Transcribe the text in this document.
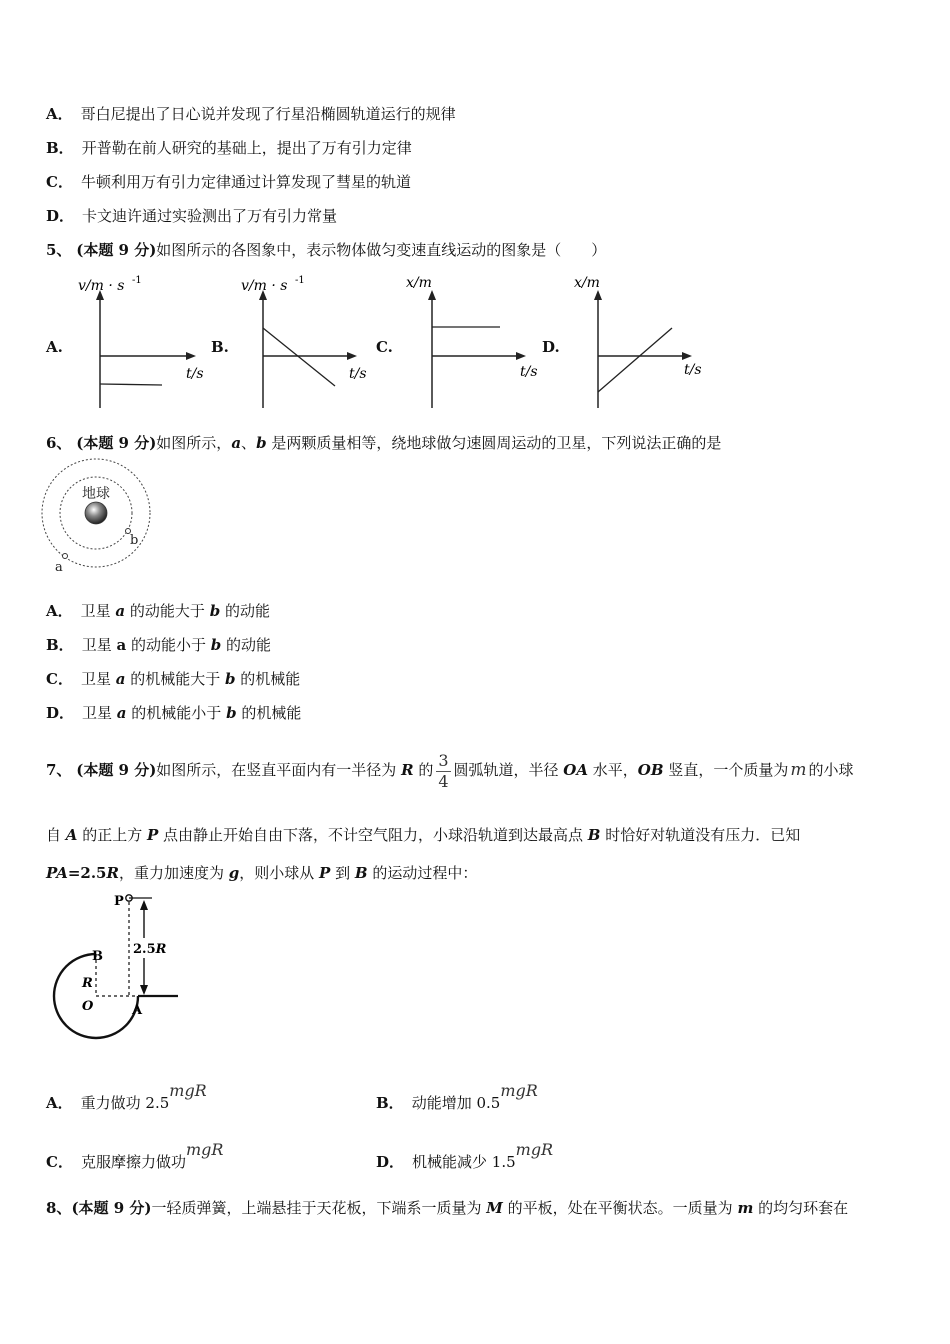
A． 哥白尼提出了日心说并发现了行星沿椭圆轨道运行的规律
B． 开普勒在前人研究的基础上，提出了万有引力定律
C． 牛顿利用万有引力定律通过计算发现了彗星的轨道
D． 卡文迪许通过实验测出了万有引力常量
5、 (本题 9 分)如图所示的各图象中，表示物体做匀变速直线运动的图象是（　　）
A.
v/m · s -1
t/s
B.
v/m · s -1
t/s
C.
x/m
t/s
D.
x/m
t/s
6、 (本题 9 分)如图所示，a、b 是两颗质量相等，绕地球做匀速圆周运动的卫星，下列说法正确的是
地球
b
a
A． 卫星 a 的动能大于 b 的动能
B． 卫星 a 的动能小于 b 的动能
C． 卫星 a 的机械能大于 b 的机械能
D． 卫星 a 的机械能小于 b 的机械能
7、 (本题 9 分)如图所示，在竖直平面内有一半径为 R 的 $\frac{3}{4}$ 圆弧轨道，半径 OA 水平，OB 竖直，一个质量为 m 的小球
自 A 的正上方 P 点由静止开始自由下落，不计空气阻力，小球沿轨道到达最高点 B 时恰好对轨道没有压力．已知
PA=2.5R，重力加速度为 g，则小球从 P 到 B 的运动过程中：
P
B
R
O	A
2.5R
A． 重力做功 2.5mgR
B． 动能增加 0.5mgR
C． 克服摩擦力做功mgR
D． 机械能减少 1.5mgR
8、(本题 9 分)一轻质弹簧，上端悬挂于天花板，下端系一质量为 M 的平板，处在平衡状态。一质量为 m 的均匀环套在
